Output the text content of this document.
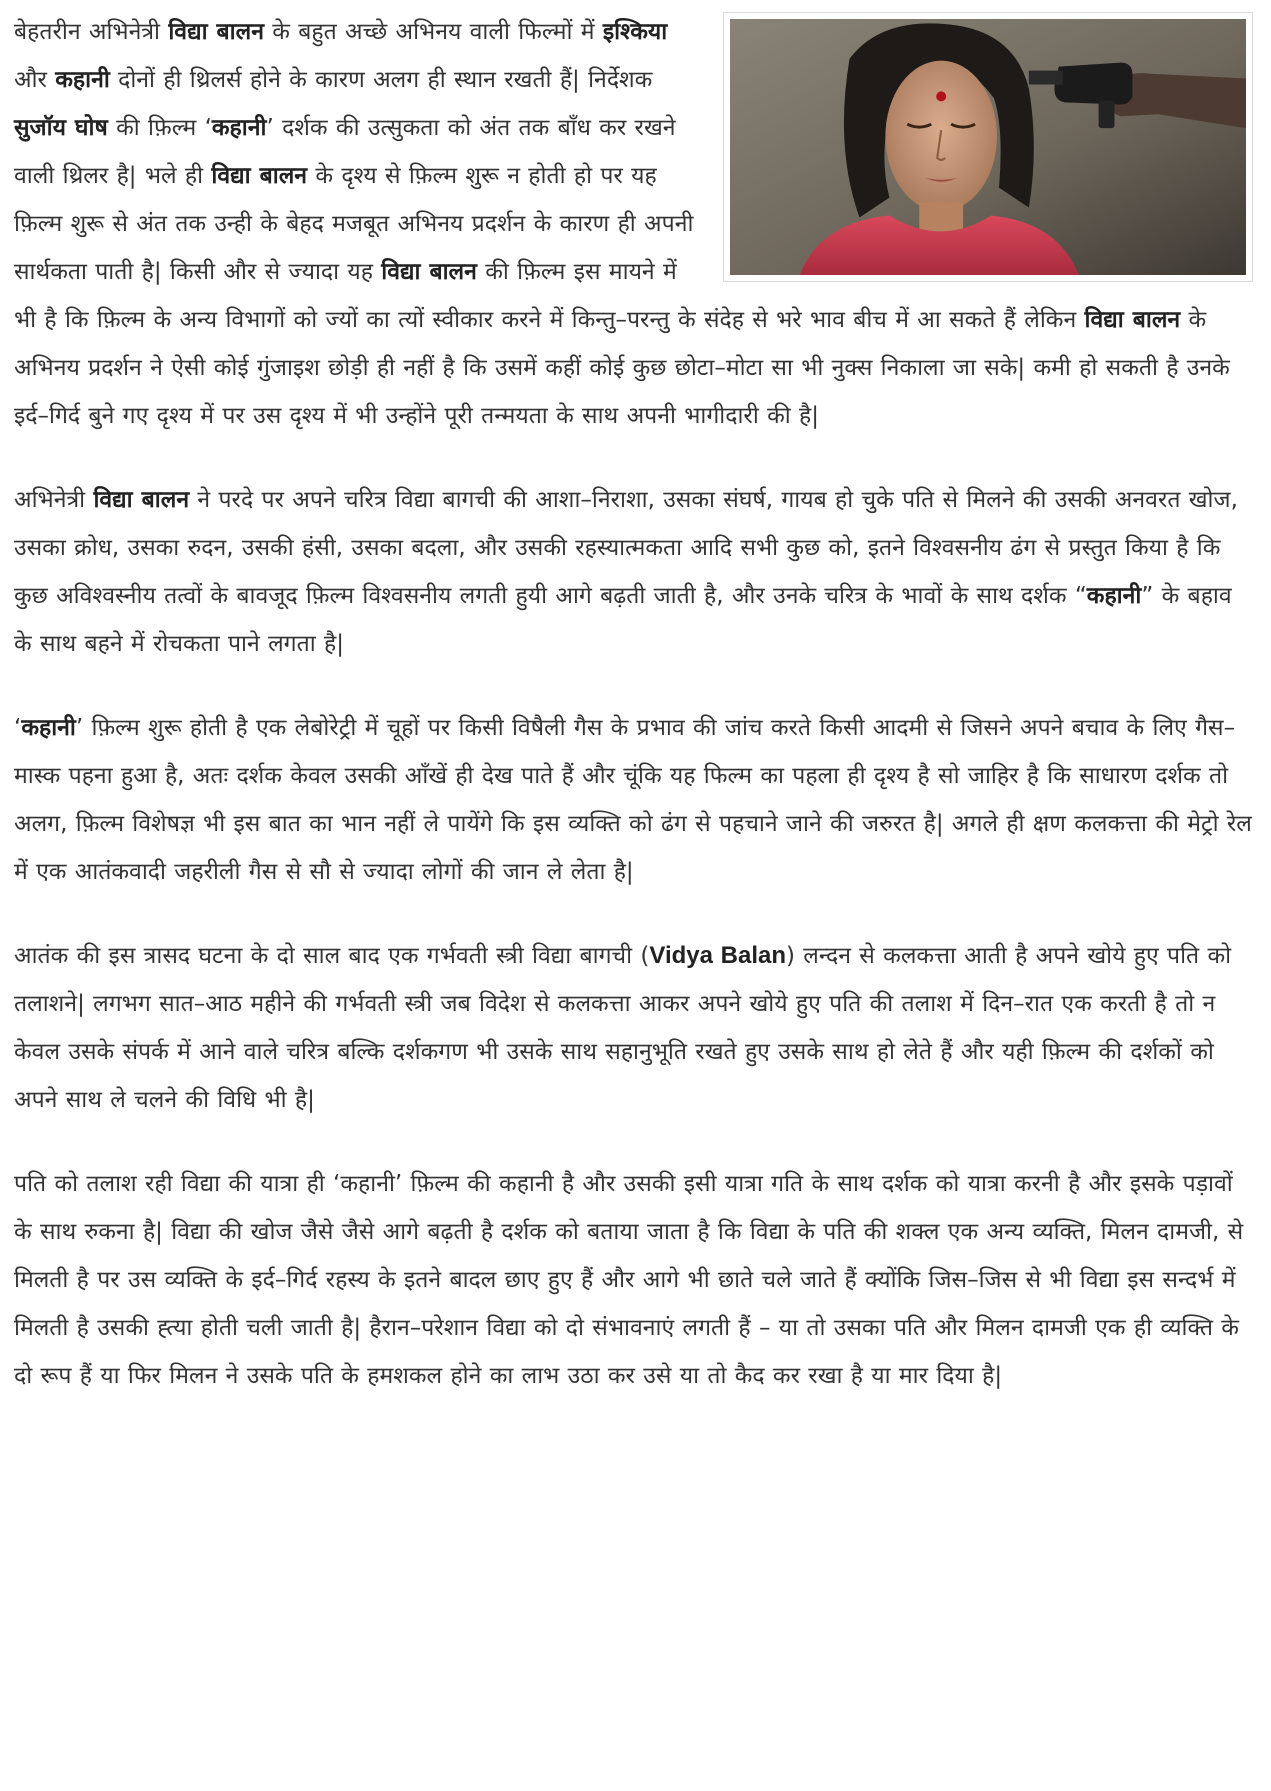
बेहतरीन अभिनेत्री विद्या बालन के बहुत अच्छे अभिनय वाली फिल्मों में इश्किया और कहानी दोनों ही थ्रिलर्स होने के कारण अलग ही स्थान रखती हैं| निर्देशक सुजॉय घोष की फ़िल्म ‘कहानी’ दर्शक की उत्सुकता को अंत तक बाँध कर रखने वाली थ्रिलर है| भले ही विद्या बालन के दृश्य से फ़िल्म शुरू न होती हो पर यह फ़िल्म शुरू से अंत तक उन्ही के बेहद मजबूत अभिनय प्रदर्शन के कारण ही अपनी सार्थकता पाती है| किसी और से ज्यादा यह विद्या बालन की फ़िल्म इस मायने में भी है कि फ़िल्म के अन्य विभागों को ज्यों का त्यों स्वीकार करने में किन्तु–परन्तु के संदेह से भरे भाव बीच में आ सकते हैं लेकिन विद्या बालन के अभिनय प्रदर्शन ने ऐसी कोई गुंजाइश छोड़ी ही नहीं है कि उसमें कहीं कोई कुछ छोटा–मोटा सा भी नुक्स निकाला जा सके| कमी हो सकती है उनके इर्द–गिर्द बुने गए दृश्य में पर उस दृश्य में भी उन्होंने पूरी तन्मयता के साथ अपनी भागीदारी की है|

अभिनेत्री विद्या बालन ने परदे पर अपने चरित्र विद्या बागची की आशा–निराशा, उसका संघर्ष, गायब हो चुके पति से मिलने की उसकी अनवरत खोज, उसका क्रोध, उसका रुदन, उसकी हंसी, उसका बदला, और उसकी रहस्यात्मकता आदि सभी कुछ को, इतने विश्वसनीय ढंग से प्रस्तुत किया है कि कुछ अविश्वस्नीय तत्वों के बावजूद फ़िल्म विश्वसनीय लगती हुयी आगे बढ़ती जाती है, और उनके चरित्र के भावों के साथ दर्शक “कहानी” के बहाव के साथ बहने में रोचकता पाने लगता है|

‘कहानी’ फ़िल्म शुरू होती है एक लेबोरेट्री में चूहों पर किसी विषैली गैस के प्रभाव की जांच करते किसी आदमी से जिसने अपने बचाव के लिए गैस–मास्क पहना हुआ है, अतः दर्शक केवल उसकी आँखें ही देख पाते हैं और चूंकि यह फिल्म का पहला ही दृश्य है सो जाहिर है कि साधारण दर्शक तो अलग, फ़िल्म विशेषज्ञ भी इस बात का भान नहीं ले पायेंगे कि इस व्यक्ति को ढंग से पहचाने जाने की जरुरत है| अगले ही क्षण कलकत्ता की मेट्रो रेल में एक आतंकवादी जहरीली गैस से सौ से ज्यादा लोगों की जान ले लेता है|

आतंक की इस त्रासद घटना के दो साल बाद एक गर्भवती स्त्री विद्या बागची (Vidya Balan) लन्दन से कलकत्ता आती है अपने खोये हुए पति को तलाशने| लगभग सात–आठ महीने की गर्भवती स्त्री जब विदेश से कलकत्ता आकर अपने खोये हुए पति की तलाश में दिन–रात एक करती है तो न केवल उसके संपर्क में आने वाले चरित्र बल्कि दर्शकगण भी उसके साथ सहानुभूति रखते हुए उसके साथ हो लेते हैं और यही फ़िल्म की दर्शकों को अपने साथ ले चलने की विधि भी है|

पति को तलाश रही विद्या की यात्रा ही ‘कहानी’ फ़िल्म की कहानी है और उसकी इसी यात्रा गति के साथ दर्शक को यात्रा करनी है और इसके पड़ावों के साथ रुकना है| विद्या की खोज जैसे जैसे आगे बढ़ती है दर्शक को बताया जाता है कि विद्या के पति की शक्ल एक अन्य व्यक्ति, मिलन दामजी, से मिलती है पर उस व्यक्ति के इर्द–गिर्द रहस्य के इतने बादल छाए हुए हैं और आगे भी छाते चले जाते हैं क्योंकि जिस–जिस से भी विद्या इस सन्दर्भ में मिलती है उसकी ह्त्या होती चली जाती है| हैरान–परेशान विद्या को दो संभावनाएं लगती हैं – या तो उसका पति और मिलन दामजी एक ही व्यक्ति के दो रूप हैं या फिर मिलन ने उसके पति के हमशकल होने का लाभ उठा कर उसे या तो कैद कर रखा है या मार दिया है|
